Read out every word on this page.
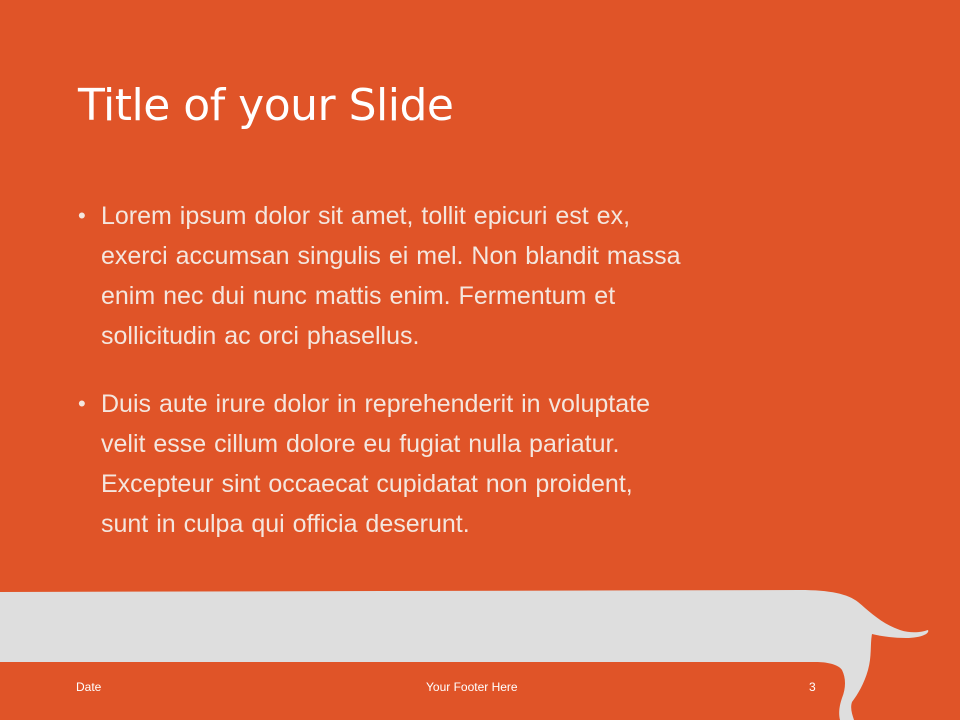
Title of your Slide
• Lorem ipsum dolor sit amet, tollit epicuri est ex,
exerci accumsan singulis ei mel. Non blandit massa
enim nec dui nunc mattis enim. Fermentum et
sollicitudin ac orci phasellus.
• Duis aute irure dolor in reprehenderit in voluptate
velit esse cillum dolore eu fugiat nulla pariatur.
Excepteur sint occaecat cupidatat non proident,
sunt in culpa qui officia deserunt.
Date	Your Footer Here	3
